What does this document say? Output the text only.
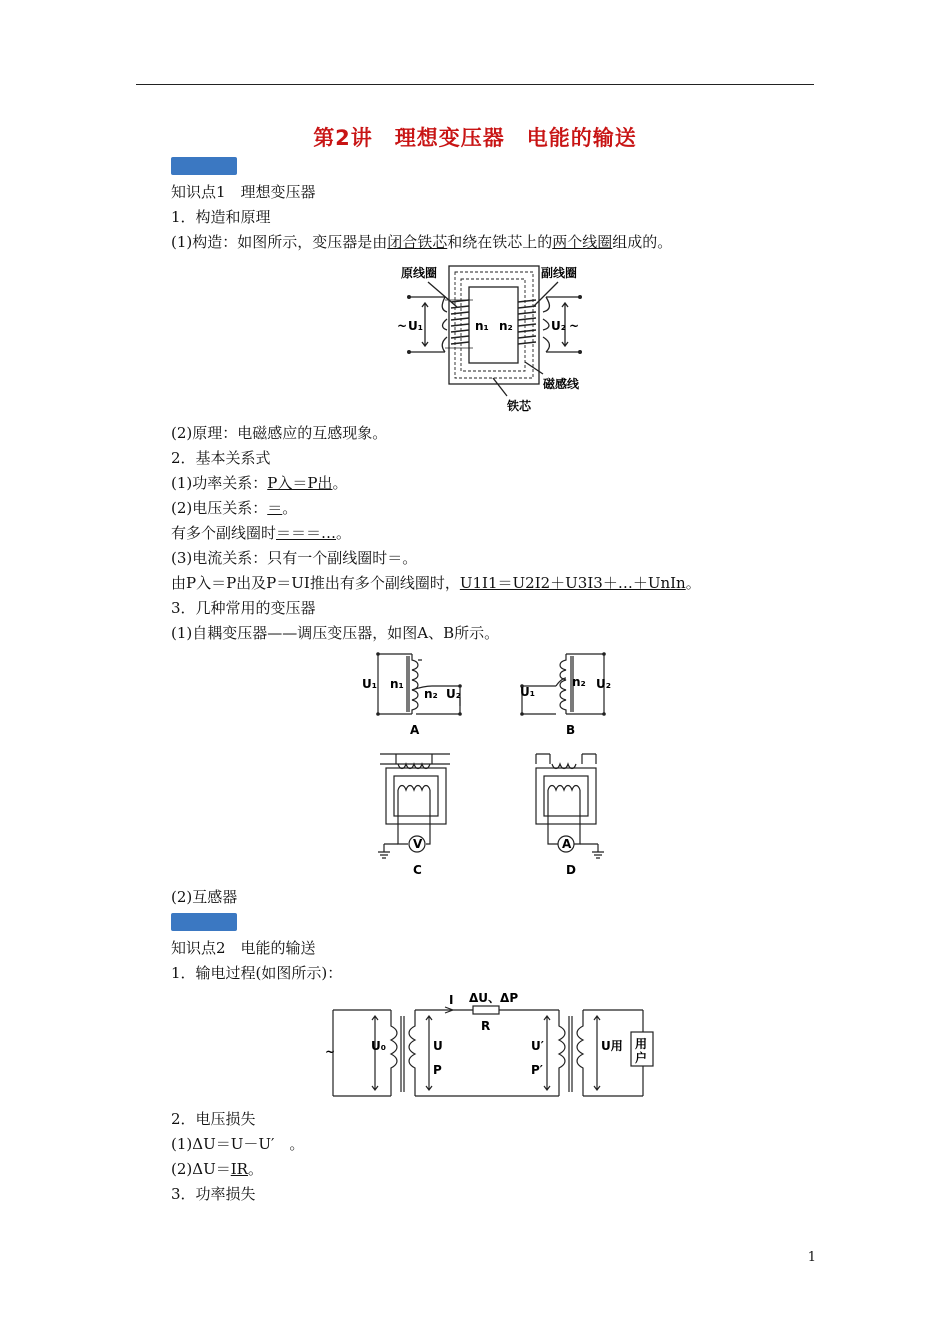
第2讲　理想变压器　电能的输送
知识点1　理想变压器
1．构造和原理
(1)构造：如图所示，变压器是由闭合铁芯和绕在铁芯上的两个线圈组成的。
原线圈	副线圈
磁感线
铁芯
n₁ n₂
~ U₁	U₂ ~
(2)原理：电磁感应的互感现象。
2．基本关系式
(1)功率关系：P入＝P出。
(2)电压关系：＝。
有多个副线圈时＝＝＝…。
(3)电流关系：只有一个副线圈时＝。
由P入＝P出及P＝UI推出有多个副线圈时，U1I1＝U2I2＋U3I3＋…＋UnIn。
3．几种常用的变压器
(1)自耦变压器——调压变压器，如图A、B所示。
U₁ n₁
n₂ U₂	U₁
n₂ U₂
A	B
V
C
A
D
(2)互感器
知识点2　电能的输送
1．输电过程(如图所示)：
~
I ΔU、ΔP
R
U₀	U
P
U′
P′
U用 用
户
2．电压损失
(1)ΔU＝U－U′　。
(2)ΔU＝IR。
3．功率损失
1
